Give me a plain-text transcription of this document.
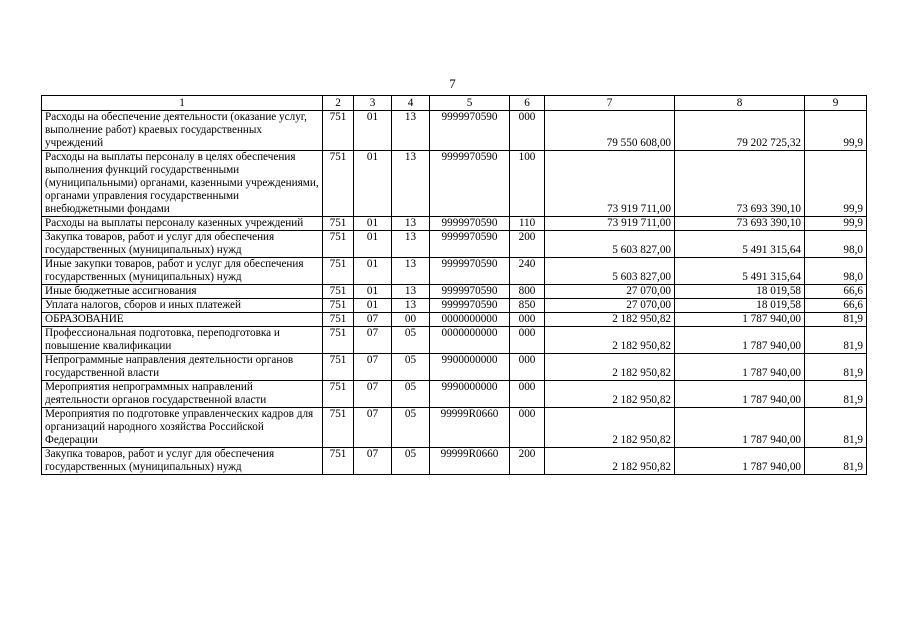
7
1	2	3	4	5	6	7	8	9
Расходы на обеспечение деятельности (оказание услуг, выполнение работ) краевых государственных учреждений	751	01	13	9999970590	000	79 550 608,00	79 202 725,32	99,9
Расходы на выплаты персоналу в целях обеспечения выполнения функций государственными (муниципальными) органами, казенными учреждениями, органами управления государственными внебюджетными фондами	751	01	13	9999970590	100	73 919 711,00	73 693 390,10	99,9
Расходы на выплаты персоналу казенных учреждений	751	01	13	9999970590	110	73 919 711,00	73 693 390,10	99,9
Закупка товаров, работ и услуг для обеспечения государственных (муниципальных) нужд	751	01	13	9999970590	200	5 603 827,00	5 491 315,64	98,0
Иные закупки товаров, работ и услуг для обеспечения государственных (муниципальных) нужд	751	01	13	9999970590	240	5 603 827,00	5 491 315,64	98,0
Иные бюджетные ассигнования	751	01	13	9999970590	800	27 070,00	18 019,58	66,6
Уплата налогов, сборов и иных платежей	751	01	13	9999970590	850	27 070,00	18 019,58	66,6
ОБРАЗОВАНИЕ	751	07	00	0000000000	000	2 182 950,82	1 787 940,00	81,9
Профессиональная подготовка, переподготовка и повышение квалификации	751	07	05	0000000000	000	2 182 950,82	1 787 940,00	81,9
Непрограммные направления деятельности органов государственной власти	751	07	05	9900000000	000	2 182 950,82	1 787 940,00	81,9
Мероприятия непрограммных направлений деятельности органов государственной власти	751	07	05	9990000000	000	2 182 950,82	1 787 940,00	81,9
Мероприятия по подготовке управленческих кадров для организаций народного хозяйства Российской Федерации	751	07	05	99999R0660	000	2 182 950,82	1 787 940,00	81,9
Закупка товаров, работ и услуг для обеспечения государственных (муниципальных) нужд	751	07	05	99999R0660	200	2 182 950,82	1 787 940,00	81,9
